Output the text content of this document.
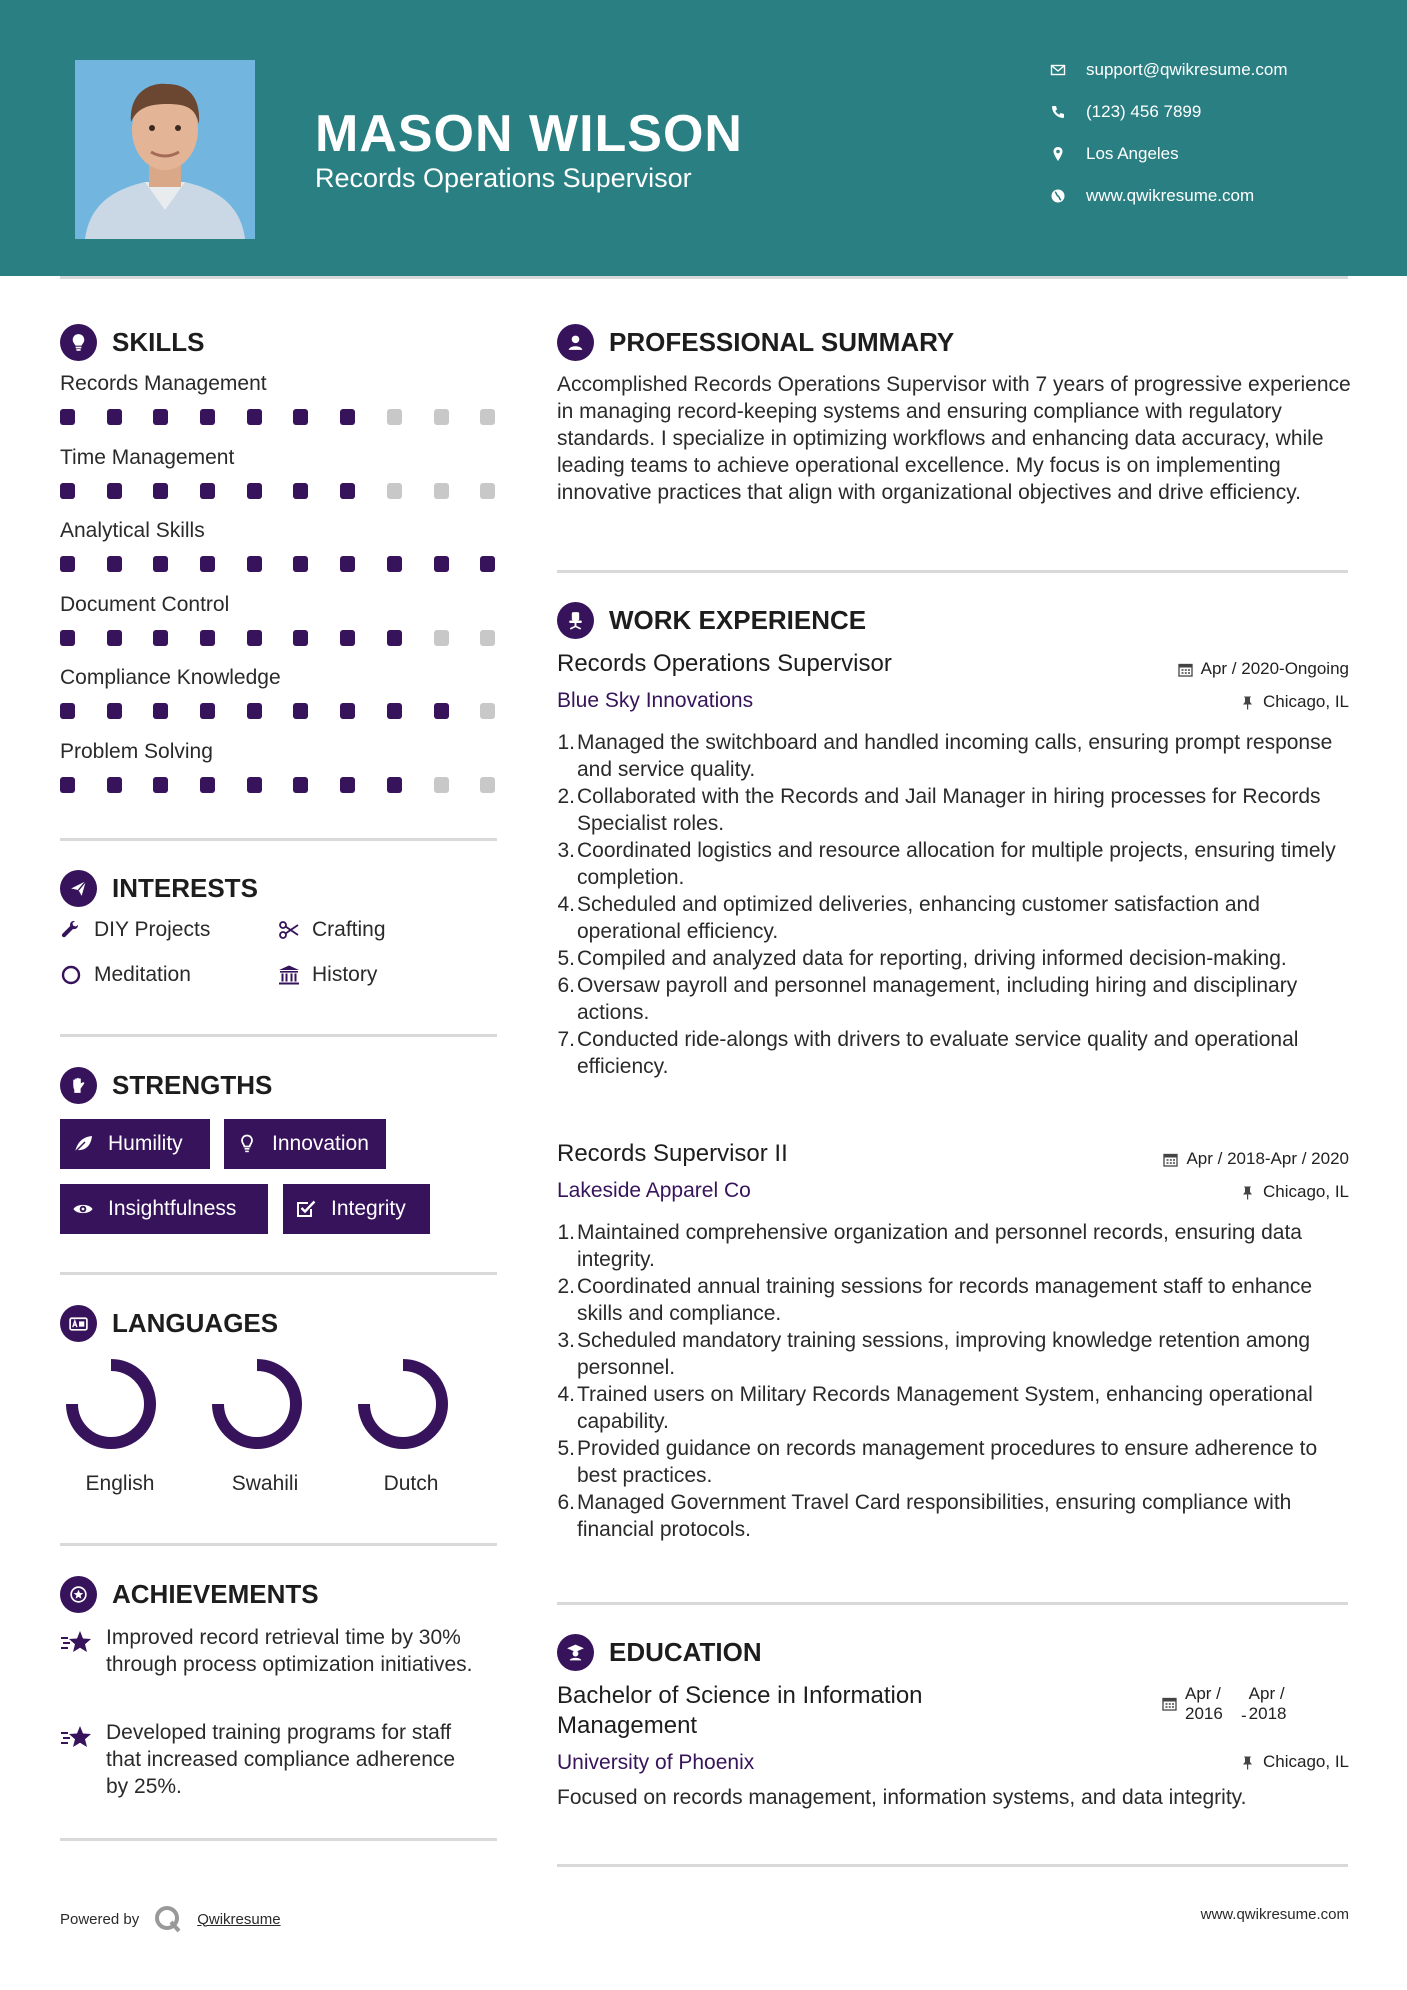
MASON WILSON
Records Operations Supervisor
support@qwikresume.com
(123) 456 7899
Los Angeles
www.qwikresume.com
SKILLS
Records Management
Time Management
Analytical Skills
Document Control
Compliance Knowledge
Problem Solving
INTERESTS
DIY Projects	Crafting
Meditation	History
STRENGTHS
Humility	Innovation
Insightfulness	Integrity
LANGUAGES
English	Swahili	Dutch
ACHIEVEMENTS
Improved record retrieval time by 30% through process optimization initiatives.
Developed training programs for staff that increased compliance adherence by 25%.
PROFESSIONAL SUMMARY
Accomplished Records Operations Supervisor with 7 years of progressive experience in managing record-keeping systems and ensuring compliance with regulatory standards. I specialize in optimizing workflows and enhancing data accuracy, while leading teams to achieve operational excellence. My focus is on implementing innovative practices that align with organizational objectives and drive efficiency.
WORK EXPERIENCE
Records Operations Supervisor	Apr / 2020-Ongoing
Blue Sky Innovations	Chicago, IL
1. Managed the switchboard and handled incoming calls, ensuring prompt response and service quality.
2. Collaborated with the Records and Jail Manager in hiring processes for Records Specialist roles.
3. Coordinated logistics and resource allocation for multiple projects, ensuring timely completion.
4. Scheduled and optimized deliveries, enhancing customer satisfaction and operational efficiency.
5. Compiled and analyzed data for reporting, driving informed decision-making.
6. Oversaw payroll and personnel management, including hiring and disciplinary actions.
7. Conducted ride-alongs with drivers to evaluate service quality and operational efficiency.
Records Supervisor II	Apr / 2018-Apr / 2020
Lakeside Apparel Co	Chicago, IL
1. Maintained comprehensive organization and personnel records, ensuring data integrity.
2. Coordinated annual training sessions for records management staff to enhance skills and compliance.
3. Scheduled mandatory training sessions, improving knowledge retention among personnel.
4. Trained users on Military Records Management System, enhancing operational capability.
5. Provided guidance on records management procedures to ensure adherence to best practices.
6. Managed Government Travel Card responsibilities, ensuring compliance with financial protocols.
EDUCATION
Bachelor of Science in Information Management
Apr / 2016	-
Apr / 2018
University of Phoenix	Chicago, IL
Focused on records management, information systems, and data integrity.
Powered by	Qwikresume	www.qwikresume.com
